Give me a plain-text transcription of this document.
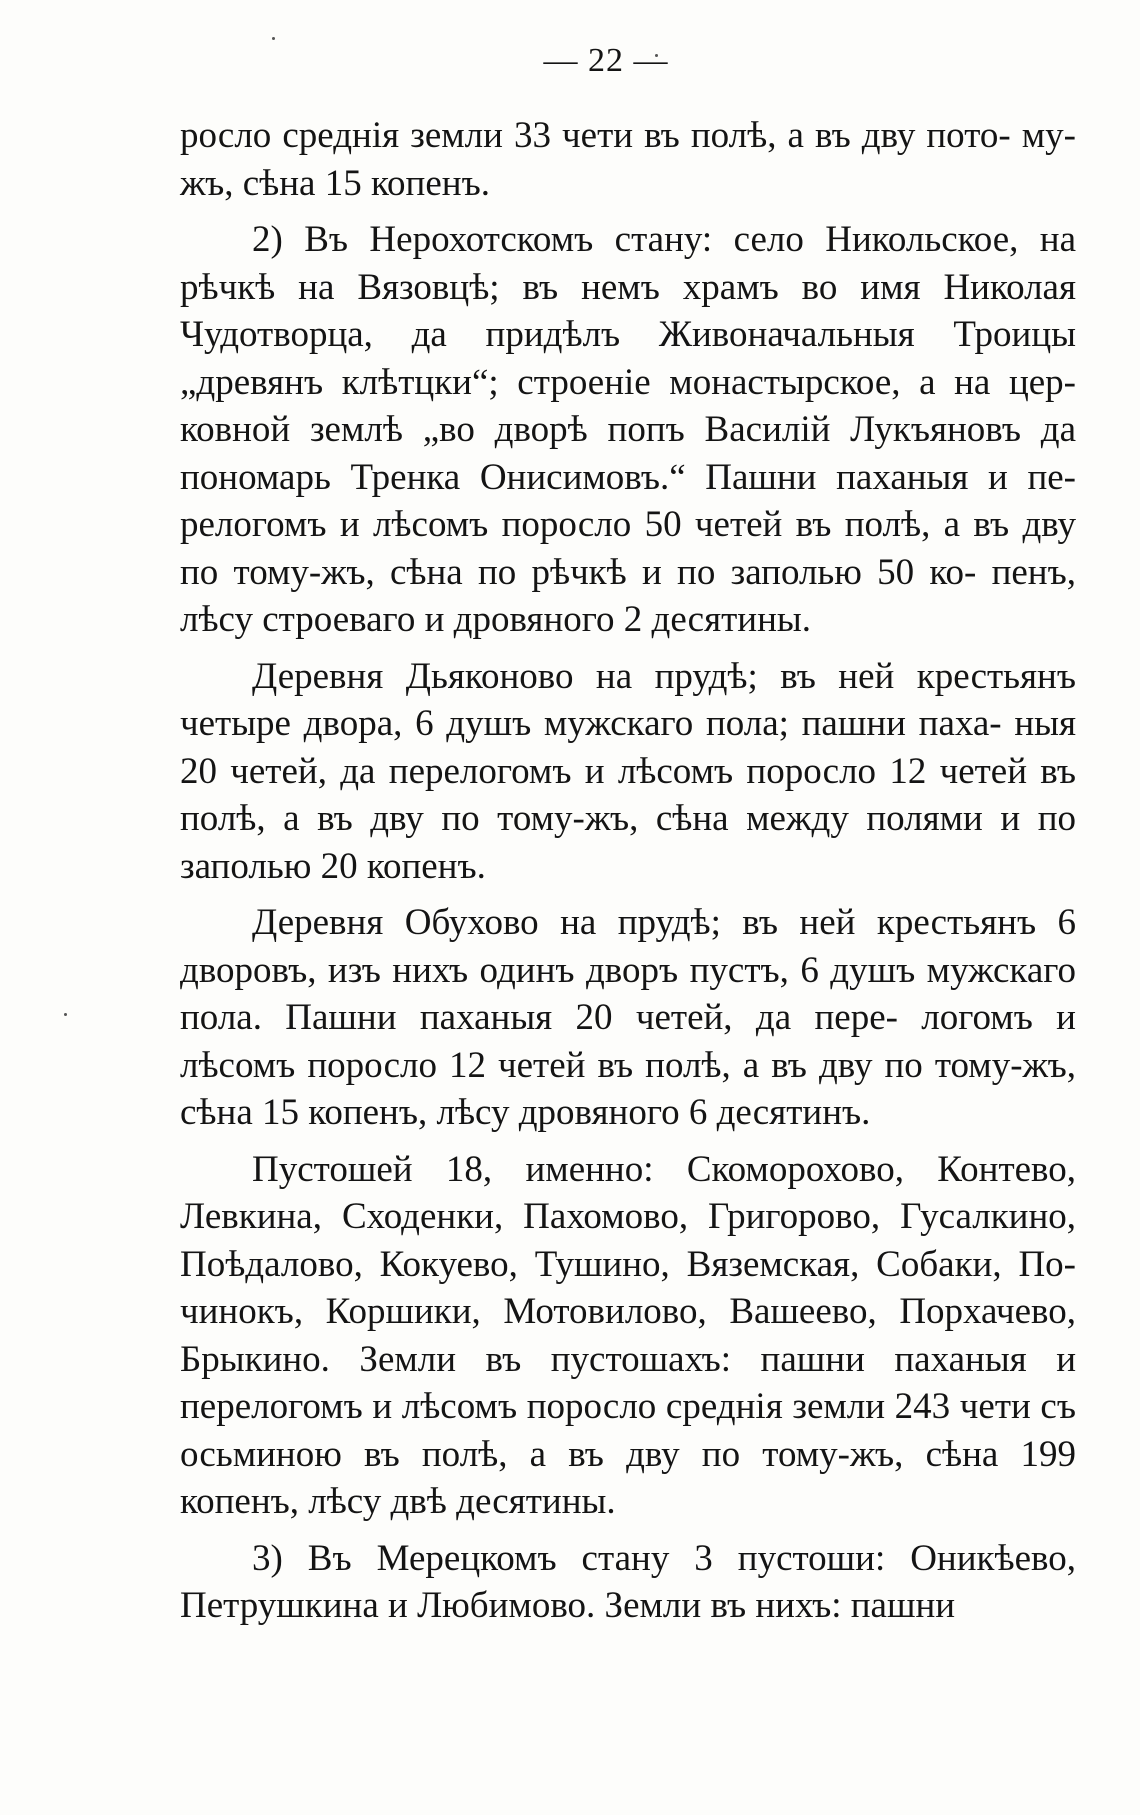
— 22 —

росло среднія земли 33 чети въ полѣ, а въ дву пото- му-жъ, сѣна 15 копенъ.

2) Въ Нерохотскомъ стану: село Никольское, на рѣчкѣ на Вязовцѣ; въ немъ храмъ во имя Николая Чудотворца, да придѣлъ Живоначальныя Троицы „древянъ клѣтцки“; строеніе монастырское, а на цер- ковной землѣ „во дворѣ попъ Василій Лукъяновъ да пономарь Тренка Онисимовъ.“ Пашни паханыя и пе- релогомъ и лѣсомъ поросло 50 четей въ полѣ, а въ дву по тому-жъ, сѣна по рѣчкѣ и по заполью 50 ко- пенъ, лѣсу строеваго и дровяного 2 десятины.

Деревня Дьяконово на прудѣ; въ ней крестьянъ четыре двора, 6 душъ мужскаго пола; пашни паха- ныя 20 четей, да перелогомъ и лѣсомъ поросло 12 четей въ полѣ, а въ дву по тому-жъ, сѣна между полями и по заполью 20 копенъ.

Деревня Обухово на прудѣ; въ ней крестьянъ 6 дворовъ, изъ нихъ одинъ дворъ пустъ, 6 душъ мужскаго пола. Пашни паханыя 20 четей, да пере- логомъ и лѣсомъ поросло 12 четей въ полѣ, а въ дву по тому-жъ, сѣна 15 копенъ, лѣсу дровяного 6 десятинъ.

Пустошей 18, именно: Скоморохово, Контево, Левкина, Сходенки, Пахомово, Григорово, Гусалкино, Поѣдалово, Кокуево, Тушино, Вяземская, Собаки, По- чинокъ, Коршики, Мотовилово, Вашеево, Порхачево, Брыкино. Земли въ пустошахъ: пашни паханыя и перелогомъ и лѣсомъ поросло среднія земли 243 чети съ осьминою въ полѣ, а въ дву по тому-жъ, сѣна 199 копенъ, лѣсу двѣ десятины.

3) Въ Мерецкомъ стану 3 пустоши: Оникѣево, Петрушкина и Любимово. Земли въ нихъ: пашни
